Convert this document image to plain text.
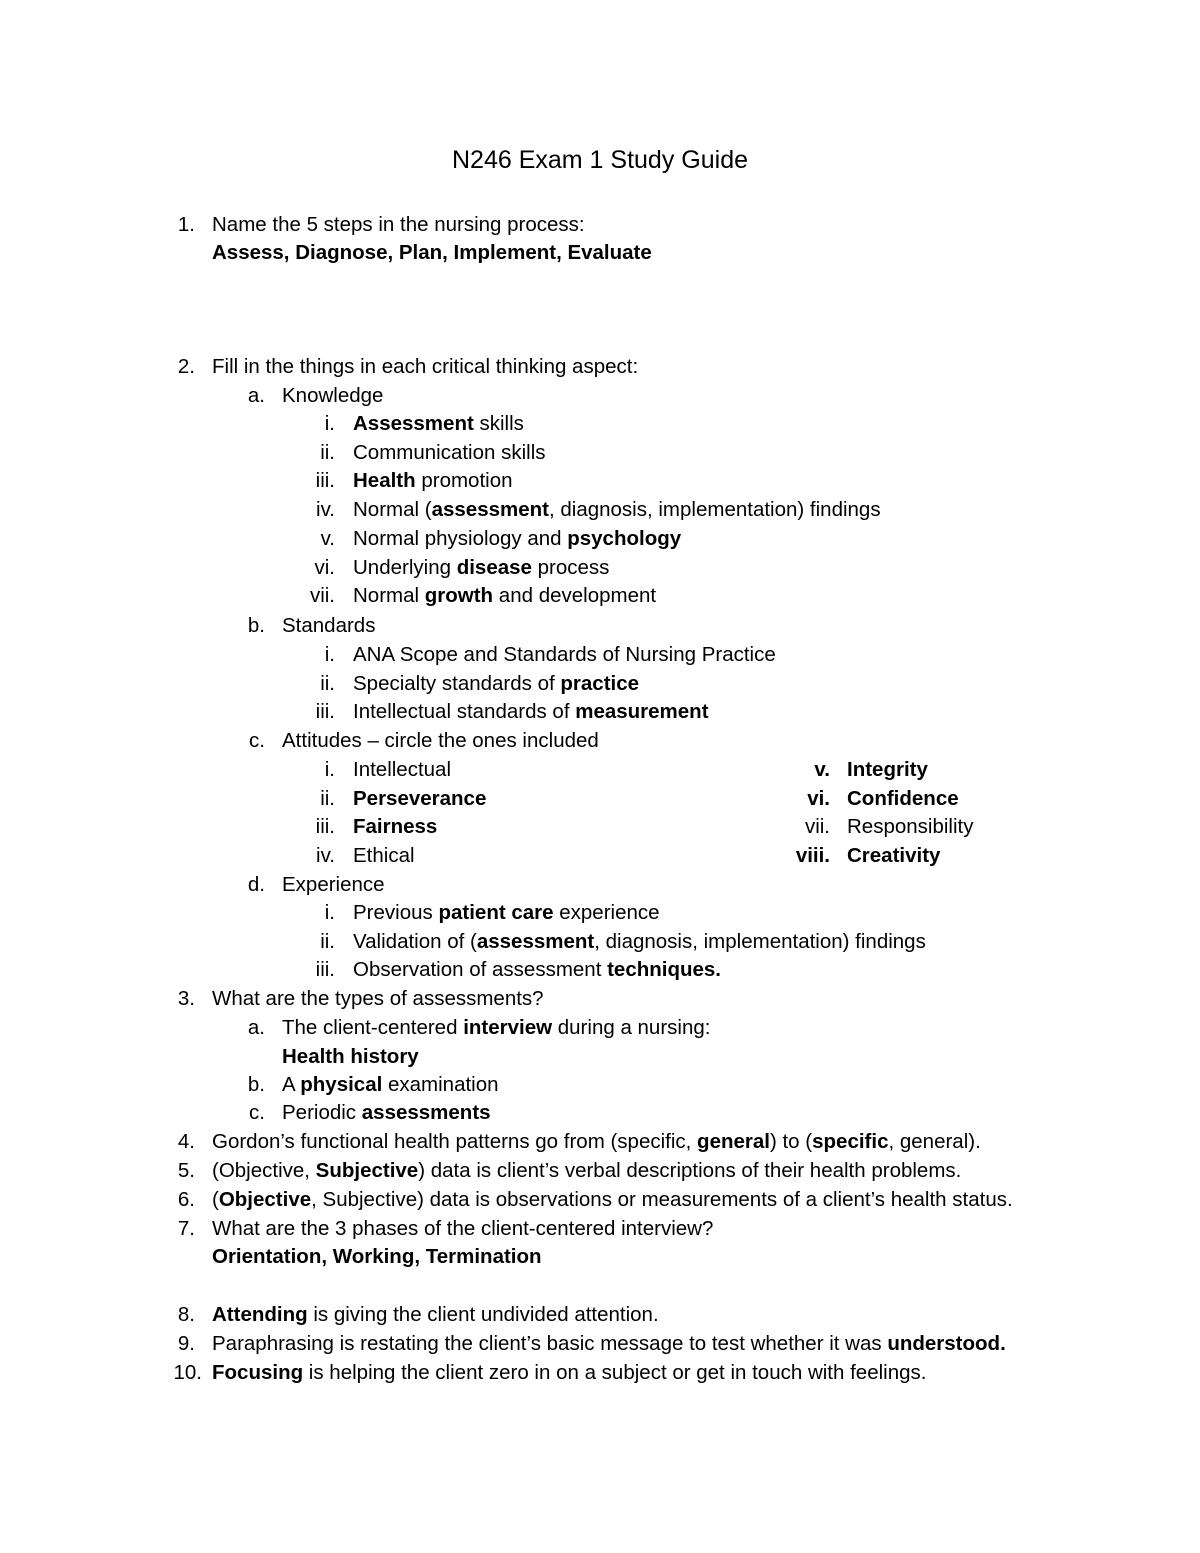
N246 Exam 1 Study Guide
1. Name the 5 steps in the nursing process:
Assess, Diagnose, Plan, Implement, Evaluate
2. Fill in the things in each critical thinking aspect:
a. Knowledge
i. Assessment skills
ii. Communication skills
iii. Health promotion
iv. Normal (assessment, diagnosis, implementation) findings
v. Normal physiology and psychology
vi. Underlying disease process
vii. Normal growth and development
b. Standards
i. ANA Scope and Standards of Nursing Practice
ii. Specialty standards of practice
iii. Intellectual standards of measurement
c. Attitudes – circle the ones included
i. Intellectual
ii. Perseverance
iii. Fairness
iv. Ethical
v. Integrity
vi. Confidence
vii. Responsibility
viii. Creativity
d. Experience
i. Previous patient care experience
ii. Validation of (assessment, diagnosis, implementation) findings
iii. Observation of assessment techniques.
3. What are the types of assessments?
a. The client-centered interview during a nursing:
Health history
b. A physical examination
c. Periodic assessments
4. Gordon’s functional health patterns go from (specific, general) to (specific, general).
5. (Objective, Subjective) data is client’s verbal descriptions of their health problems.
6. (Objective, Subjective) data is observations or measurements of a client’s health status.
7. What are the 3 phases of the client-centered interview?
Orientation, Working, Termination
8. Attending is giving the client undivided attention.
9. Paraphrasing is restating the client’s basic message to test whether it was understood.
10. Focusing is helping the client zero in on a subject or get in touch with feelings.
